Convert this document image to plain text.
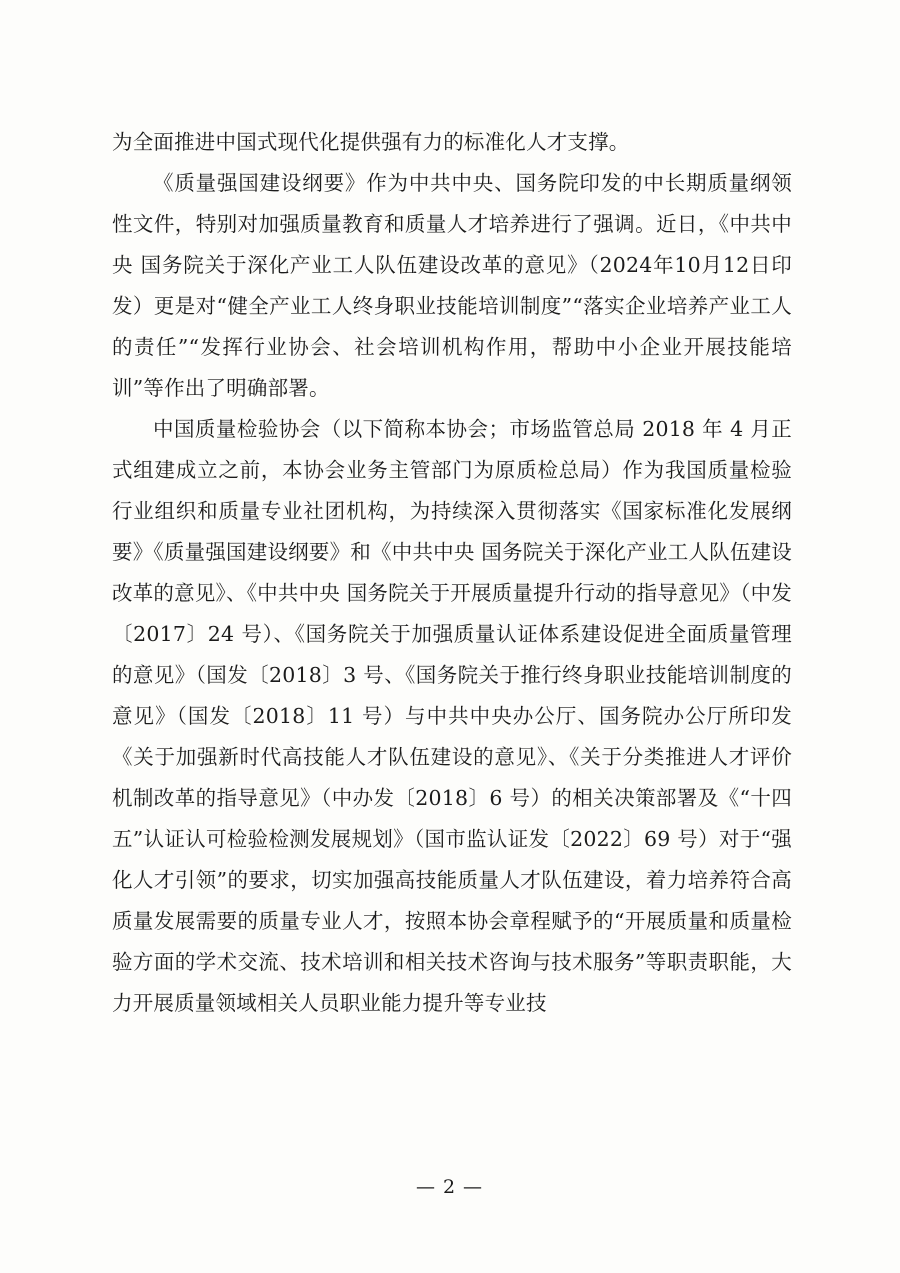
为全面推进中国式现代化提供强有力的标准化人才支撑。

《质量强国建设纲要》作为中共中央、国务院印发的中长期质量纲领性文件，特别对加强质量教育和质量人才培养进行了强调。近日，《中共中央 国务院关于深化产业工人队伍建设改革的意见》（2024年10月12日印发）更是对“健全产业工人终身职业技能培训制度”“落实企业培养产业工人的责任”“发挥行业协会、社会培训机构作用，帮助中小企业开展技能培训”等作出了明确部署。

中国质量检验协会（以下简称本协会；市场监管总局 2018 年 4 月正式组建成立之前，本协会业务主管部门为原质检总局）作为我国质量检验行业组织和质量专业社团机构，为持续深入贯彻落实《国家标准化发展纲要》《质量强国建设纲要》和《中共中央 国务院关于深化产业工人队伍建设改革的意见》、《中共中央 国务院关于开展质量提升行动的指导意见》（中发〔2017〕24 号）、《国务院关于加强质量认证体系建设促进全面质量管理的意见》（国发〔2018〕3 号、《国务院关于推行终身职业技能培训制度的意见》（国发〔2018〕11 号）与中共中央办公厅、国务院办公厅所印发《关于加强新时代高技能人才队伍建设的意见》、《关于分类推进人才评价机制改革的指导意见》（中办发〔2018〕6 号）的相关决策部署及《“十四五”认证认可检验检测发展规划》（国市监认证发〔2022〕69 号）对于“强化人才引领”的要求，切实加强高技能质量人才队伍建设，着力培养符合高质量发展需要的质量专业人才，按照本协会章程赋予的“开展质量和质量检验方面的学术交流、技术培训和相关技术咨询与技术服务”等职责职能，大力开展质量领域相关人员职业能力提升等专业技

— 2 —
